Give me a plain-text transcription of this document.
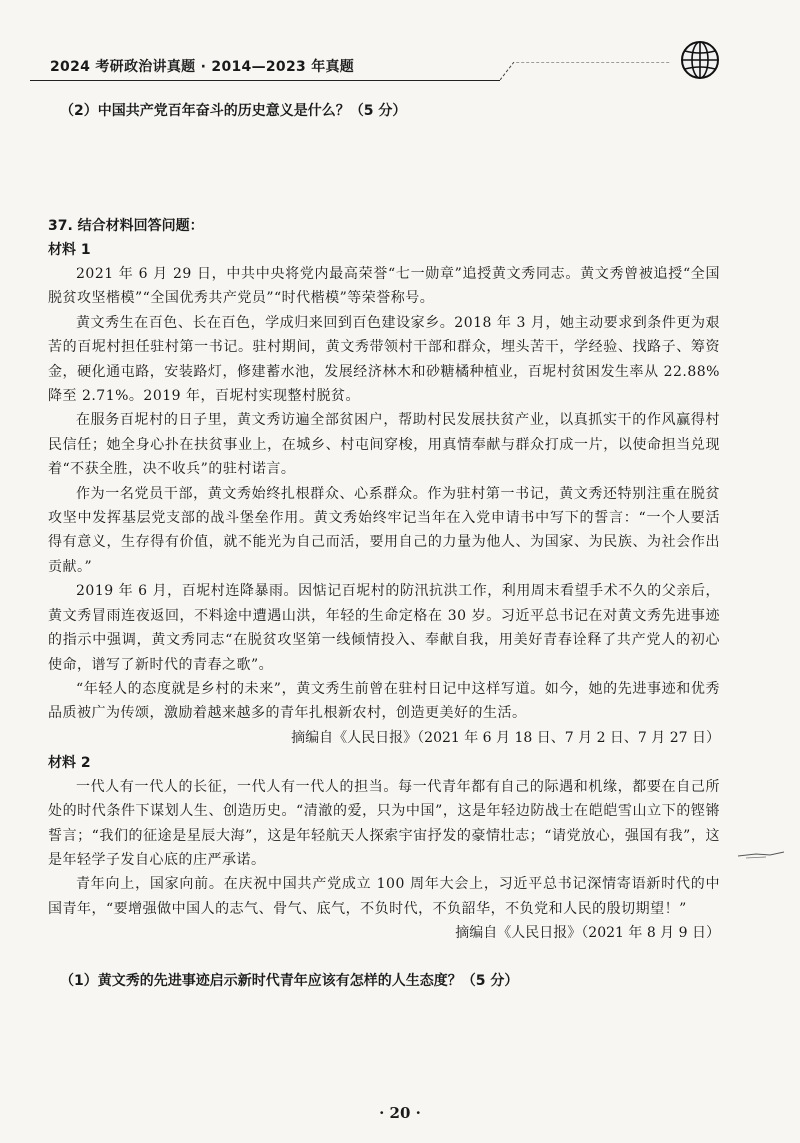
2024 考研政治讲真题 · 2014—2023 年真题
（2）中国共产党百年奋斗的历史意义是什么？（5 分）
37. 结合材料回答问题：
材料 1

2021 年 6 月 29 日，中共中央将党内最高荣誉“七一勋章”追授黄文秀同志。黄文秀曾被追授“全国脱贫攻坚楷模”“全国优秀共产党员”“时代楷模”等荣誉称号。

黄文秀生在百色、长在百色，学成归来回到百色建设家乡。2018 年 3 月，她主动要求到条件更为艰苦的百坭村担任驻村第一书记。驻村期间，黄文秀带领村干部和群众，埋头苦干，学经验、找路子、筹资金，硬化通屯路，安装路灯，修建蓄水池，发展经济林木和砂糖橘种植业，百坭村贫困发生率从 22.88%降至 2.71%。2019 年，百坭村实现整村脱贫。

在服务百坭村的日子里，黄文秀访遍全部贫困户，帮助村民发展扶贫产业，以真抓实干的作风赢得村民信任；她全身心扑在扶贫事业上，在城乡、村屯间穿梭，用真情奉献与群众打成一片，以使命担当兑现着“不获全胜，决不收兵”的驻村诺言。

作为一名党员干部，黄文秀始终扎根群众、心系群众。作为驻村第一书记，黄文秀还特别注重在脱贫攻坚中发挥基层党支部的战斗堡垒作用。黄文秀始终牢记当年在入党申请书中写下的誓言：“一个人要活得有意义，生存得有价值，就不能光为自己而活，要用自己的力量为他人、为国家、为民族、为社会作出贡献。”

2019 年 6 月，百坭村连降暴雨。因惦记百坭村的防汛抗洪工作，利用周末看望手术不久的父亲后，黄文秀冒雨连夜返回，不料途中遭遇山洪，年轻的生命定格在 30 岁。习近平总书记在对黄文秀先进事迹的指示中强调，黄文秀同志“在脱贫攻坚第一线倾情投入、奉献自我，用美好青春诠释了共产党人的初心使命，谱写了新时代的青春之歌”。

“年轻人的态度就是乡村的未来”，黄文秀生前曾在驻村日记中这样写道。如今，她的先进事迹和优秀品质被广为传颂，激励着越来越多的青年扎根新农村，创造更美好的生活。

摘编自《人民日报》（2021 年 6 月 18 日、7 月 2 日、7 月 27 日）

材料 2

一代人有一代人的长征，一代人有一代人的担当。每一代青年都有自己的际遇和机缘，都要在自己所处的时代条件下谋划人生、创造历史。“清澈的爱，只为中国”，这是年轻边防战士在皑皑雪山立下的铿锵誓言；“我们的征途是星辰大海”，这是年轻航天人探索宇宙抒发的豪情壮志；“请党放心，强国有我”，这是年轻学子发自心底的庄严承诺。

青年向上，国家向前。在庆祝中国共产党成立 100 周年大会上，习近平总书记深情寄语新时代的中国青年，“要增强做中国人的志气、骨气、底气，不负时代，不负韶华，不负党和人民的殷切期望！”

摘编自《人民日报》（2021 年 8 月 9 日）

（1）黄文秀的先进事迹启示新时代青年应该有怎样的人生态度？（5 分）
· 20 ·
